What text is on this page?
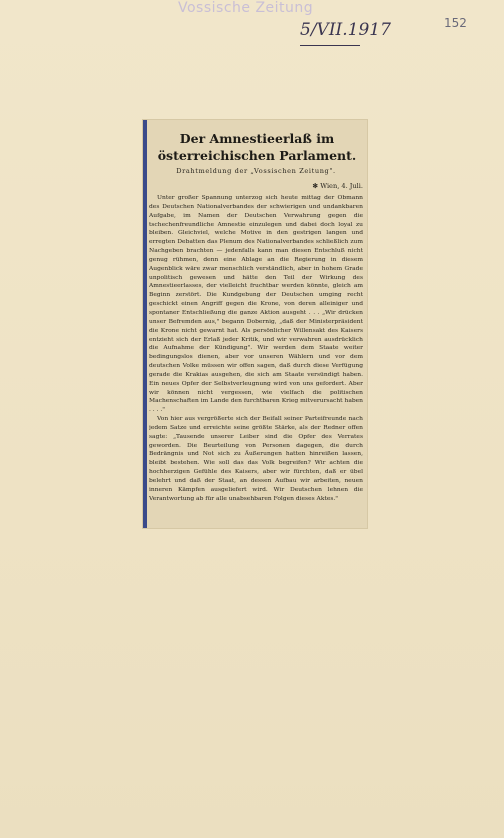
Vossische Zeitung
5/VII.1917	152
Der Amnestieerlaß im österreichischen Parlament.
Drahtmeldung der „Vossischen Zeitung".
✻ Wien, 4. Juli.

Unter großer Spannung unterzog sich heute mittag der Obmann des Deutschen Nationalverbandes der schwierigen und undankbaren Aufgabe, im Namen der Deutschen Verwahrung gegen die tschechenfreundliche Amnestie einzulegen und dabei doch loyal zu bleiben. Gleichviel, welche Motive in den gestrigen langen und erregten Debatten das Plenum des Nationalverbandes schließlich zum Nachgeben brachten — jedenfalls kann man diesen Entschluß nicht genug rühmen, denn eine Ablage an die Regierung in diesem Augenblick wäre zwar menschlich verständlich, aber in hohem Grade unpolitisch gewesen und hätte den Teil der Wirkung des Amnestieerlasses, der vielleicht fruchtbar werden könnte, gleich am Beginn zerstört. Die Kundgebung der Deutschen umging recht geschickt einen Angriff gegen die Krone, von deren alleiniger und spontaner Entschließung die ganze Aktion ausgeht . . . „Wir drücken unser Befremden aus," begann Dobernig, „daß der Ministerpräsident die Krone nicht gewarnt hat. Als persönlicher Willensakt des Kaisers entzieht sich der Erlaß jeder Kritik, und wir verwahren ausdrücklich die Aufnahme der Kündigung". Wir werden dem Staate weiter bedingungslos dienen, aber vor unseren Wählern und vor dem deutschen Volke müssen wir offen sagen, daß durch diese Verfügung gerade die Krakias ausgehen, die sich am Staate versündigt haben. Ein neues Opfer der Selbstverleugnung wird von uns gefordert. Aber wir können nicht vergessen, wie vielfach die politischen Machenschaften im Lande den furchtbaren Krieg mitverursacht haben . . . ."

Von hier aus vergrößerte sich der Beifall seiner Parteifreunde nach jedem Satze und erreichte seine größte Stärke, als der Redner offen sagte: „Tausende unserer Leiber sind die Opfer des Verrates geworden. Die Beurteilung von Personen dagegen, die durch Bedrängnis und Not sich zu Äußerungen hatten hinreißen lassen, bleibt bestehen. Wie soll das das Volk begreifen? Wir achten die hochherzigen Gefühle des Kaisers, aber wir fürchten, daß er übel belehrt und daß der Staat, an dessen Aufbau wir arbeiten, neuen inneren Kämpfen ausgeliefert wird. Wir Deutschen lehnen die Verantwortung ab für alle unabsehbaren Folgen dieses Aktes."
